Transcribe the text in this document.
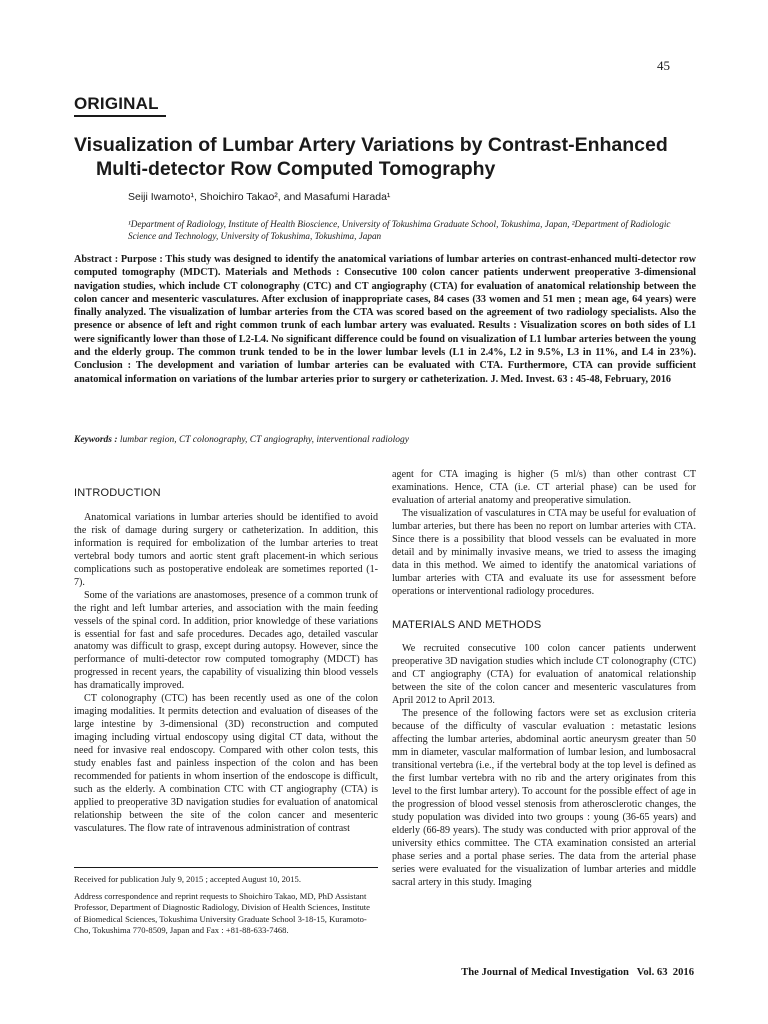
45
ORIGINAL
Visualization of Lumbar Artery Variations by Contrast-Enhanced Multi-detector Row Computed Tomography
Seiji Iwamoto¹, Shoichiro Takao², and Masafumi Harada¹
¹Department of Radiology, Institute of Health Bioscience, University of Tokushima Graduate School, Tokushima, Japan, ²Department of Radiologic Science and Technology, University of Tokushima, Tokushima, Japan

Abstract : Purpose : This study was designed to identify the anatomical variations of lumbar arteries on contrast-enhanced multi-detector row computed tomography (MDCT). Materials and Methods : Consecutive 100 colon cancer patients underwent preoperative 3-dimensional navigation studies, which include CT colonography (CTC) and CT angiography (CTA) for evaluation of anatomical relationship between the colon cancer and mesenteric vasculatures. After exclusion of inappropriate cases, 84 cases (33 women and 51 men ; mean age, 64 years) were finally analyzed. The visualization of lumbar arteries from the CTA was scored based on the agreement of two radiology specialists. Also the presence or absence of left and right common trunk of each lumbar artery was evaluated. Results : Visualization scores on both sides of L1 were significantly lower than those of L2-L4. No significant difference could be found on visualization of L1 lumbar arteries between the young and the elderly group. The common trunk tended to be in the lower lumbar levels (L1 in 2.4%, L2 in 9.5%, L3 in 11%, and L4 in 23%). Conclusion : The development and variation of lumbar arteries can be evaluated with CTA. Furthermore, CTA can provide sufficient anatomical information on variations of the lumbar arteries prior to surgery or catheterization. J. Med. Invest. 63 : 45-48, February, 2016

Keywords : lumbar region, CT colonography, CT angiography, interventional radiology
INTRODUCTION

Anatomical variations in lumbar arteries should be identified to avoid the risk of damage during surgery or catheterization. In addition, this information is required for embolization of the lumbar arteries to treat vertebral body tumors and aortic stent graft placement-in which serious complications such as postoperative endoleak are sometimes reported (1-7).

Some of the variations are anastomoses, presence of a common trunk of the right and left lumbar arteries, and association with the main feeding vessels of the spinal cord. In addition, prior knowledge of these variations is essential for fast and safe procedures. Decades ago, detailed vascular anatomy was difficult to grasp, except during autopsy. However, since the performance of multi-detector row computed tomography (MDCT) has progressed in recent years, the capability of visualizing thin blood vessels has dramatically improved.

CT colonography (CTC) has been recently used as one of the colon imaging modalities. It permits detection and evaluation of diseases of the large intestine by 3-dimensional (3D) reconstruction and computed imaging including virtual endoscopy using digital CT data, without the need for invasive real endoscopy. Compared with other colon tests, this study enables fast and painless inspection of the colon and has been recommended for patients in whom insertion of the endoscope is difficult, such as the elderly. A combination CTC with CT angiography (CTA) is applied to preoperative 3D navigation studies for evaluation of anatomical relationship between the site of the colon cancer and mesenteric vasculatures. The flow rate of intravenous administration of contrast

agent for CTA imaging is higher (5 ml/s) than other contrast CT examinations. Hence, CTA (i.e. CT arterial phase) can be used for evaluation of arterial anatomy and preoperative simulation.

The visualization of vasculatures in CTA may be useful for evaluation of lumbar arteries, but there has been no report on lumbar arteries with CTA. Since there is a possibility that blood vessels can be evaluated in more detail and by minimally invasive means, we tried to assess the imaging data in this method. We aimed to identify the anatomical variations of lumbar arteries with CTA and evaluate its use for assessment before operations or interventional radiology procedures.

MATERIALS AND METHODS

We recruited consecutive 100 colon cancer patients underwent preoperative 3D navigation studies which include CT colonography (CTC) and CT angiography (CTA) for evaluation of anatomical relationship between the site of the colon cancer and mesenteric vasculatures from April 2012 to April 2013.

The presence of the following factors were set as exclusion criteria because of the difficulty of vascular evaluation : metastatic lesions affecting the lumbar arteries, abdominal aortic aneurysm greater than 50 mm in diameter, vascular malformation of lumbar lesion, and lumbosacral transitional vertebra (i.e., if the vertebral body at the top level is defined as the first lumbar vertebra with no rib and the artery originates from this level to the first lumbar artery). To account for the possible effect of age in the progression of blood vessel stenosis from atherosclerotic changes, the study population was divided into two groups : young (36-65 years) and elderly (66-89 years). The study was conducted with prior approval of the university ethics committee. The CTA examination consisted an arterial phase series and a portal phase series. The data from the arterial phase series were evaluated for the visualization of lumbar arteries and middle sacral artery in this study. Imaging

Received for publication July 9, 2015 ; accepted August 10, 2015.

Address correspondence and reprint requests to Shoichiro Takao, MD, PhD Assistant Professor, Department of Diagnostic Radiology, Division of Health Sciences, Institute of Biomedical Sciences, Tokushima University Graduate School 3-18-15, Kuramoto-Cho, Tokushima 770-8509, Japan and Fax : +81-88-633-7468.

The Journal of Medical Investigation   Vol. 63  2016
